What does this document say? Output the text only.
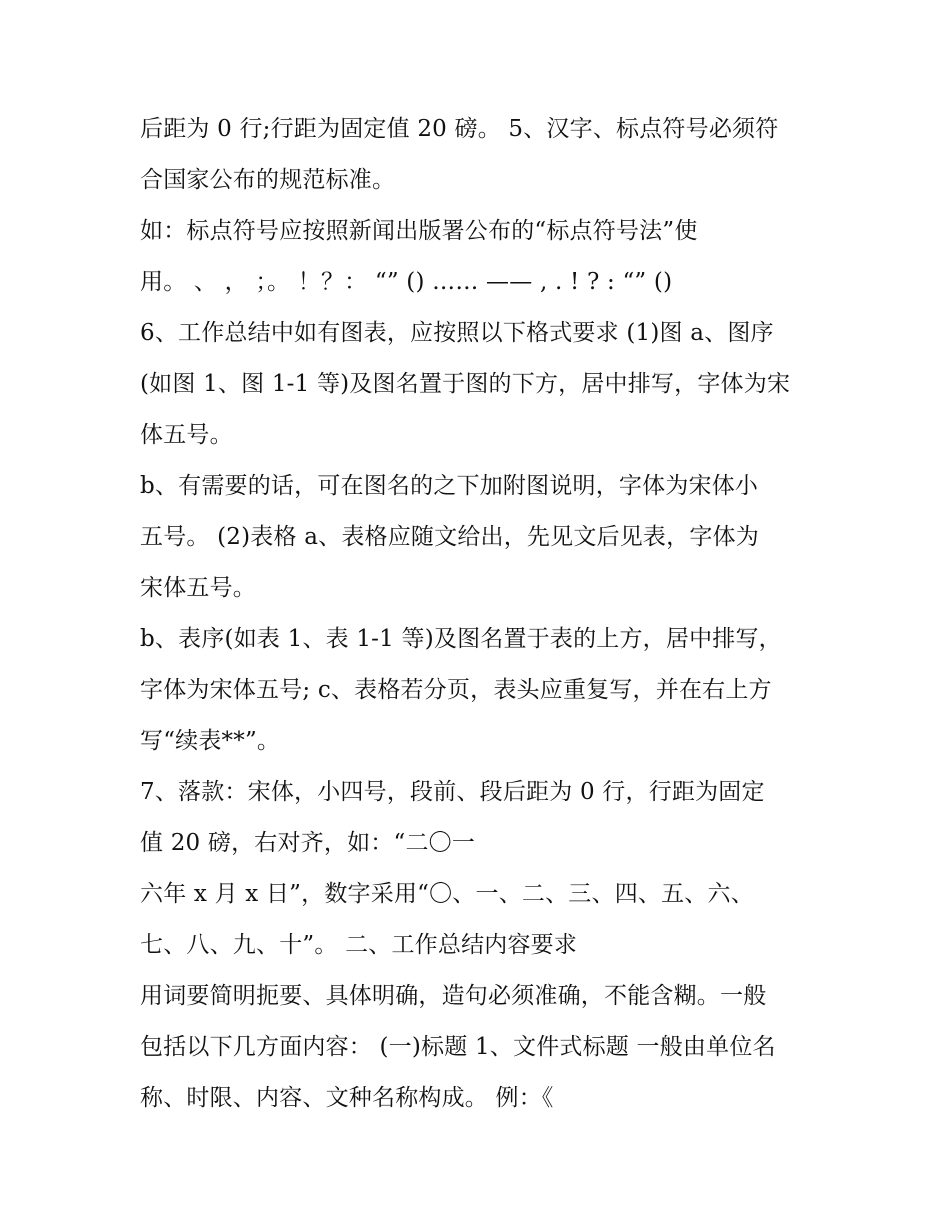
后距为 0 行;行距为固定值 20 磅。 5、汉字、标点符号必须符
合国家公布的规范标准。
如：标点符号应按照新闻出版署公布的“标点符号法”使
用。 、 ， ；。 ！？： “” () …… —— , . ! ? : “” ()
6、工作总结中如有图表，应按照以下格式要求 (1)图 a、图序
(如图 1、图 1-1 等)及图名置于图的下方，居中排写，字体为宋
体五号。
b、有需要的话，可在图名的之下加附图说明，字体为宋体小
五号。 (2)表格 a、表格应随文给出，先见文后见表，字体为
宋体五号。
b、表序(如表 1、表 1-1 等)及图名置于表的上方，居中排写，
字体为宋体五号; c、表格若分页，表头应重复写，并在右上方
写“续表**”。
7、落款：宋体，小四号，段前、段后距为 0 行，行距为固定
值 20 磅，右对齐，如：“二〇一
六年 x 月 x 日”，数字采用“〇、一、二、三、四、五、六、
七、八、九、十”。 二、工作总结内容要求
用词要简明扼要、具体明确，造句必须准确，不能含糊。一般
包括以下几方面内容： (一)标题 1、文件式标题 一般由单位名
称、时限、内容、文种名称构成。 例：《
